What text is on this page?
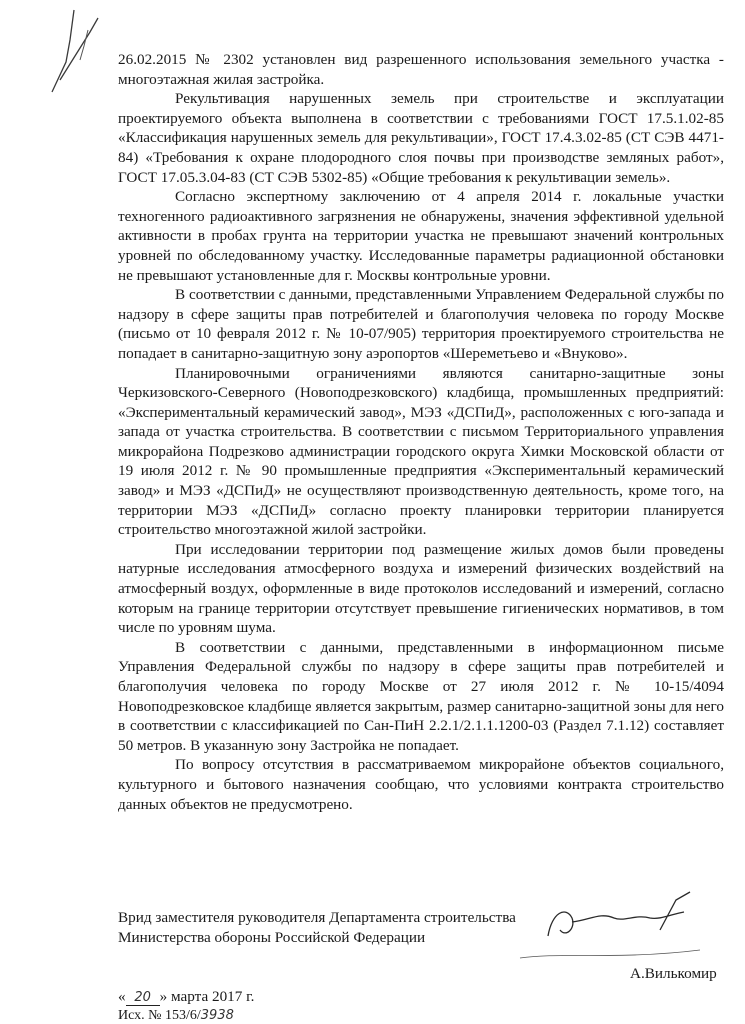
26.02.2015 № 2302 установлен вид разрешенного использования земельного участка - многоэтажная жилая застройка.

Рекультивация нарушенных земель при строительстве и эксплуатации проектируемого объекта выполнена в соответствии с требованиями ГОСТ 17.5.1.02-85 «Классификация нарушенных земель для рекультивации», ГОСТ 17.4.3.02-85 (СТ СЭВ 4471-84) «Требования к охране плодородного слоя почвы при производстве земляных работ», ГОСТ 17.05.3.04-83 (СТ СЭВ 5302-85) «Общие требования к рекультивации земель».

Согласно экспертному заключению от 4 апреля 2014 г. локальные участки техногенного радиоактивного загрязнения не обнаружены, значения эффективной удельной активности в пробах грунта на территории участка не превышают значений контрольных уровней по обследованному участку. Исследованные параметры радиационной обстановки не превышают установленные для г. Москвы контрольные уровни.

В соответствии с данными, представленными Управлением Федеральной службы по надзору в сфере защиты прав потребителей и благополучия человека по городу Москве (письмо от 10 февраля 2012 г. № 10-07/905) территория проектируемого строительства не попадает в санитарно-защитную зону аэропортов «Шереметьево и «Внуково».

Планировочными ограничениями являются санитарно-защитные зоны Черкизовского-Северного (Новоподрезковского) кладбища, промышленных предприятий: «Экспериментальный керамический завод», МЭЗ «ДСПиД», расположенных с юго-запада и запада от участка строительства. В соответствии с письмом Территориального управления микрорайона Подрезково администрации городского округа Химки Московской области от 19 июля 2012 г. № 90 промышленные предприятия «Экспериментальный керамический завод» и МЭЗ «ДСПиД» не осуществляют производственную деятельность, кроме того, на территории МЭЗ «ДСПиД» согласно проекту планировки территории планируется строительство многоэтажной жилой застройки.

При исследовании территории под размещение жилых домов были проведены натурные исследования атмосферного воздуха и измерений физических воздействий на атмосферный воздух, оформленные в виде протоколов исследований и измерений, согласно которым на границе территории отсутствует превышение гигиенических нормативов, в том числе по уровням шума.

В соответствии с данными, представленными в информационном письме Управления Федеральной службы по надзору в сфере защиты прав потребителей и благополучия человека по городу Москве от 27 июля 2012 г. № 10-15/4094 Новоподрезковское кладбище является закрытым, размер санитарно-защитной зоны для него в соответствии с классификацией по Сан-ПиН 2.2.1/2.1.1.1200-03 (Раздел 7.1.12) составляет 50 метров. В указанную зону Застройка не попадает.

По вопросу отсутствия в рассматриваемом микрорайоне объектов социального, культурного и бытового назначения сообщаю, что условиями контракта строительство данных объектов не предусмотрено.

Врид заместителя руководителя Департамента строительства
Министерства обороны Российской Федерации
А.Вилькомир
« 20 » марта 2017 г.
Исх. № 153/6/3938
